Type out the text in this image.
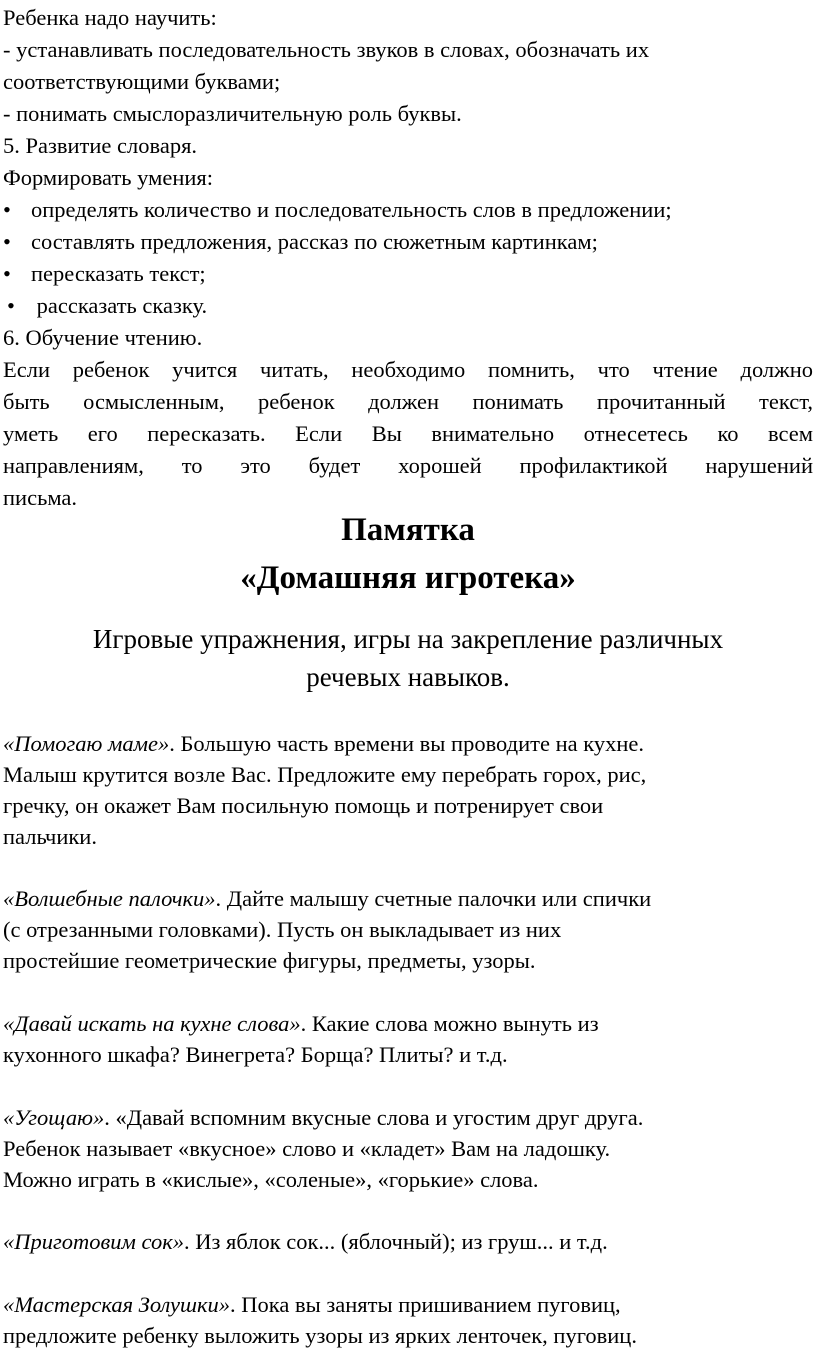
Ребенка надо научить:
- устанавливать последовательность звуков в словах, обозначать их
соответствующими буквами;
- понимать смыслоразличительную роль буквы.
5. Развитие словаря.
Формировать умения:
• определять количество и последовательность слов в предложении;
• составлять предложения, рассказ по сюжетным картинкам;
• пересказать текст;
• рассказать сказку.
6. Обучение чтению.
Если ребенок учится читать, необходимо помнить, что чтение должно
быть осмысленным, ребенок должен понимать прочитанный текст,
уметь его пересказать. Если Вы внимательно отнесетесь ко всем
направлениям, то это будет хорошей профилактикой нарушений
письма.
Памятка
«Домашняя игротека»
Игровые упражнения, игры на закрепление различных
речевых навыков.
«Помогаю маме». Большую часть времени вы проводите на кухне.
Малыш крутится возле Вас. Предложите ему перебрать горох, рис,
гречку, он окажет Вам посильную помощь и потренирует свои
пальчики.
«Волшебные палочки». Дайте малышу счетные палочки или спички
(с отрезанными головками). Пусть он выкладывает из них
простейшие геометрические фигуры, предметы, узоры.
«Давай искать на кухне слова». Какие слова можно вынуть из
кухонного шкафа? Винегрета? Борща? Плиты? и т.д.
«Угощаю». «Давай вспомним вкусные слова и угостим друг друга.
Ребенок называет «вкусное» слово и «кладет» Вам на ладошку.
Можно играть в «кислые», «соленые», «горькие» слова.
«Приготовим сок». Из яблок сок... (яблочный); из груш... и т.д.
«Мастерская Золушки». Пока вы заняты пришиванием пуговиц,
предложите ребенку выложить узоры из ярких ленточек, пуговиц.
